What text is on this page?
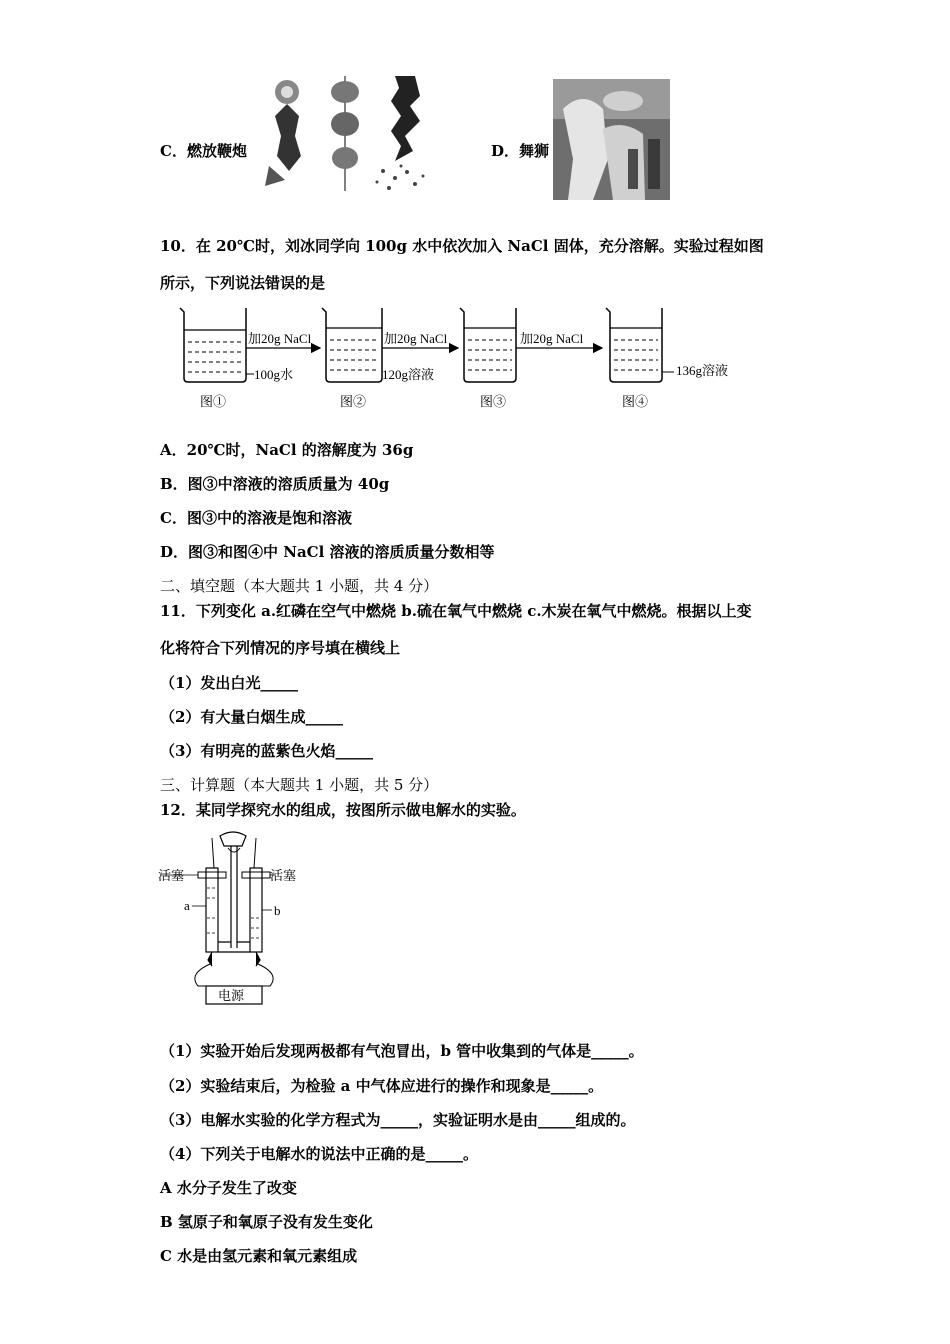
C．燃放鞭炮	D．舞狮
10．在 20℃时，刘冰同学向 100g 水中依次加入 NaCl 固体，充分溶解。实验过程如图
所示，下列说法错误的是
100g水
加20g NaCl
120g溶液
加20g NaCl	加20g NaCl
136g溶液
图①	图②	图③	图④
A．20℃时，NaCl 的溶解度为 36g
B．图③中溶液的溶质质量为 40g
C．图③中的溶液是饱和溶液
D．图③和图④中 NaCl 溶液的溶质质量分数相等
二、填空题（本大题共 1 小题，共 4 分）
11．下列变化 a.红磷在空气中燃烧 b.硫在氧气中燃烧 c.木炭在氧气中燃烧。根据以上变
化将符合下列情况的序号填在横线上
（1）发出白光_____
（2）有大量白烟生成_____
（3）有明亮的蓝紫色火焰_____
三、计算题（本大题共 1 小题，共 5 分）
12．某同学探究水的组成，按图所示做电解水的实验。
活塞
a
活塞
b
电源
（1）实验开始后发现两极都有气泡冒出，b 管中收集到的气体是_____。
（2）实验结束后，为检验 a 中气体应进行的操作和现象是_____。
（3）电解水实验的化学方程式为_____，实验证明水是由_____组成的。
（4）下列关于电解水的说法中正确的是_____。
A 水分子发生了改变
B 氢原子和氧原子没有发生变化
C 水是由氢元素和氧元素组成
